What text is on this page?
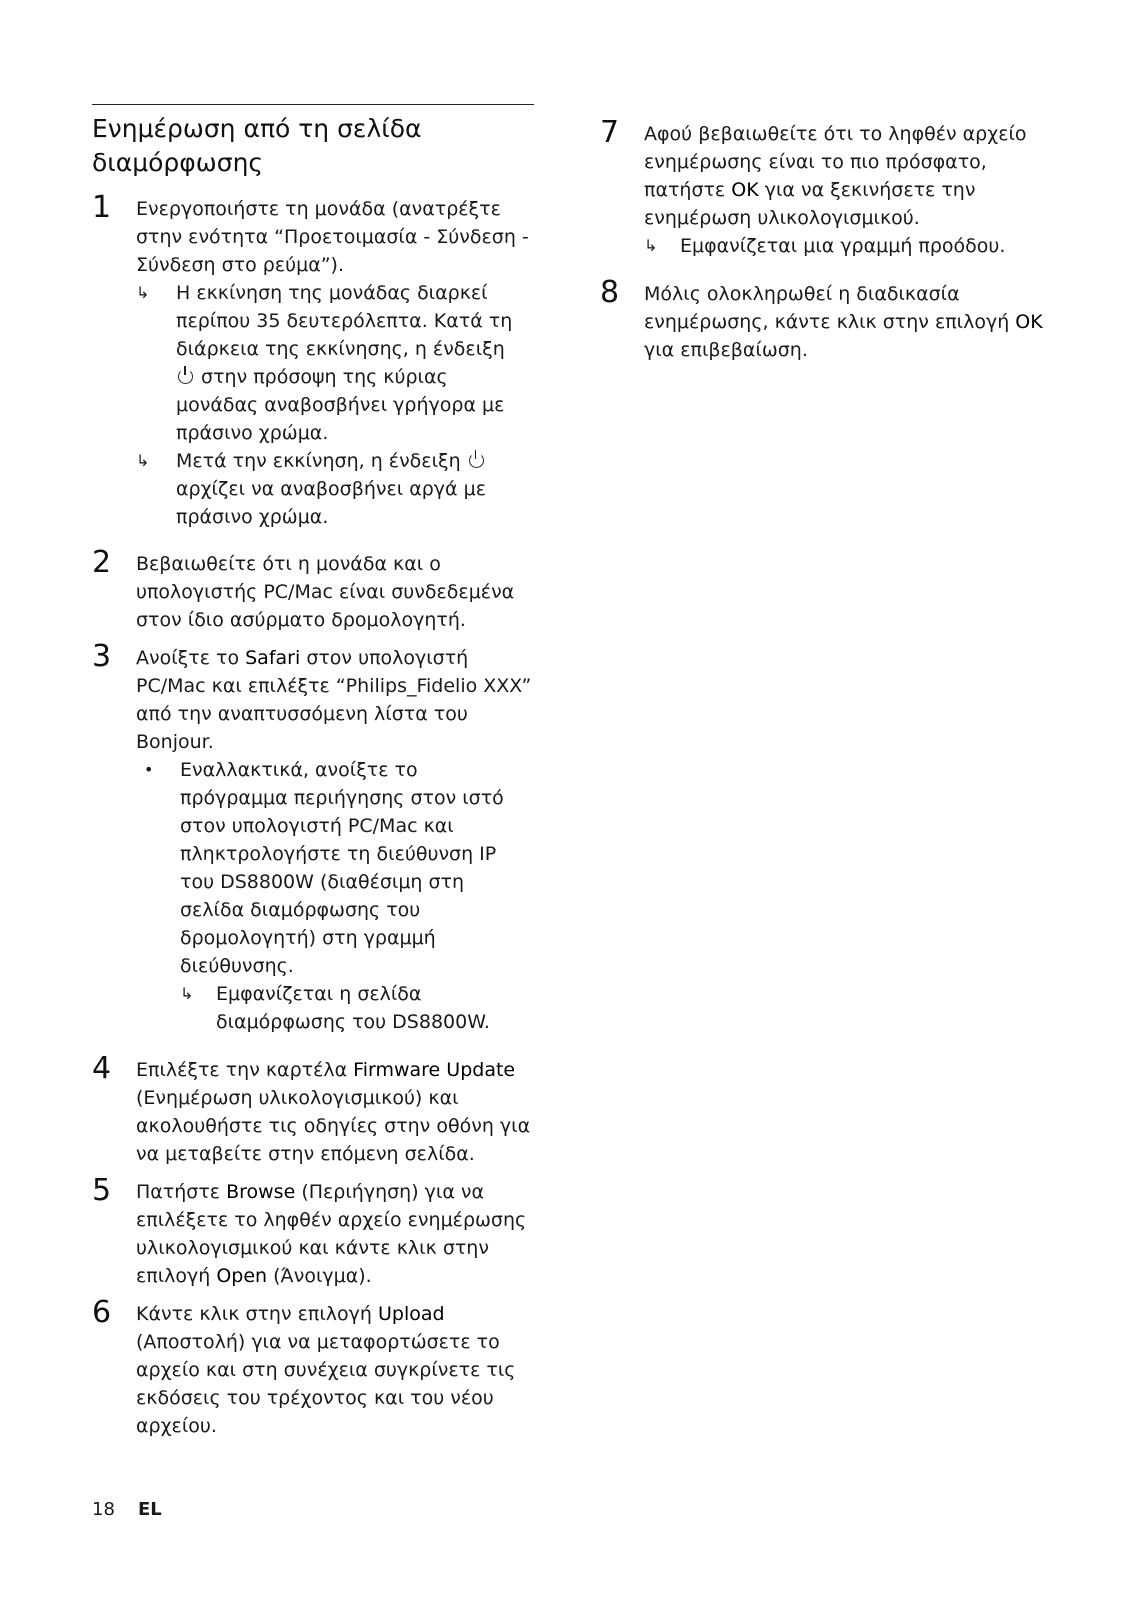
Ενημέρωση από τη σελίδα διαμόρφωσης
1 Ενεργοποιήστε τη μονάδα (ανατρέξτε στην ενότητα “Προετοιμασία - Σύνδεση - Σύνδεση στο ρεύμα”).
↳ Η εκκίνηση της μονάδας διαρκεί περίπου 35 δευτερόλεπτα. Κατά τη διάρκεια της εκκίνησης, η ένδειξη  στην πρόσοψη της κύριας μονάδας αναβοσβήνει γρήγορα με πράσινο χρώμα.
↳ Μετά την εκκίνηση, η ένδειξη  αρχίζει να αναβοσβήνει αργά με πράσινο χρώμα.
2 Βεβαιωθείτε ότι η μονάδα και ο υπολογιστής PC/Mac είναι συνδεδεμένα στον ίδιο ασύρματο δρομολογητή.
3 Ανοίξτε το Safari στον υπολογιστή PC/Mac και επιλέξτε “Philips_Fidelio XXX” από την αναπτυσσόμενη λίστα του Bonjour.
• Εναλλακτικά, ανοίξτε το πρόγραμμα περιήγησης στον ιστό στον υπολογιστή PC/Mac και πληκτρολογήστε τη διεύθυνση IP του DS8800W (διαθέσιμη στη σελίδα διαμόρφωσης του δρομολογητή) στη γραμμή διεύθυνσης.
↳ Εμφανίζεται η σελίδα διαμόρφωσης του DS8800W.
4 Επιλέξτε την καρτέλα Firmware Update (Ενημέρωση υλικολογισμικού) και ακολουθήστε τις οδηγίες στην οθόνη για να μεταβείτε στην επόμενη σελίδα.
5 Πατήστε Browse (Περιήγηση) για να επιλέξετε το ληφθέν αρχείο ενημέρωσης υλικολογισμικού και κάντε κλικ στην επιλογή Open (Άνοιγμα).
6 Κάντε κλικ στην επιλογή Upload (Αποστολή) για να μεταφορτώσετε το αρχείο και στη συνέχεια συγκρίνετε τις εκδόσεις του τρέχοντος και του νέου αρχείου.
7 Αφού βεβαιωθείτε ότι το ληφθέν αρχείο ενημέρωσης είναι το πιο πρόσφατο, πατήστε OK για να ξεκινήσετε την ενημέρωση υλικολογισμικού.
↳ Εμφανίζεται μια γραμμή προόδου.
8 Μόλις ολοκληρωθεί η διαδικασία ενημέρωσης, κάντε κλικ στην επιλογή OK για επιβεβαίωση.
18 EL
